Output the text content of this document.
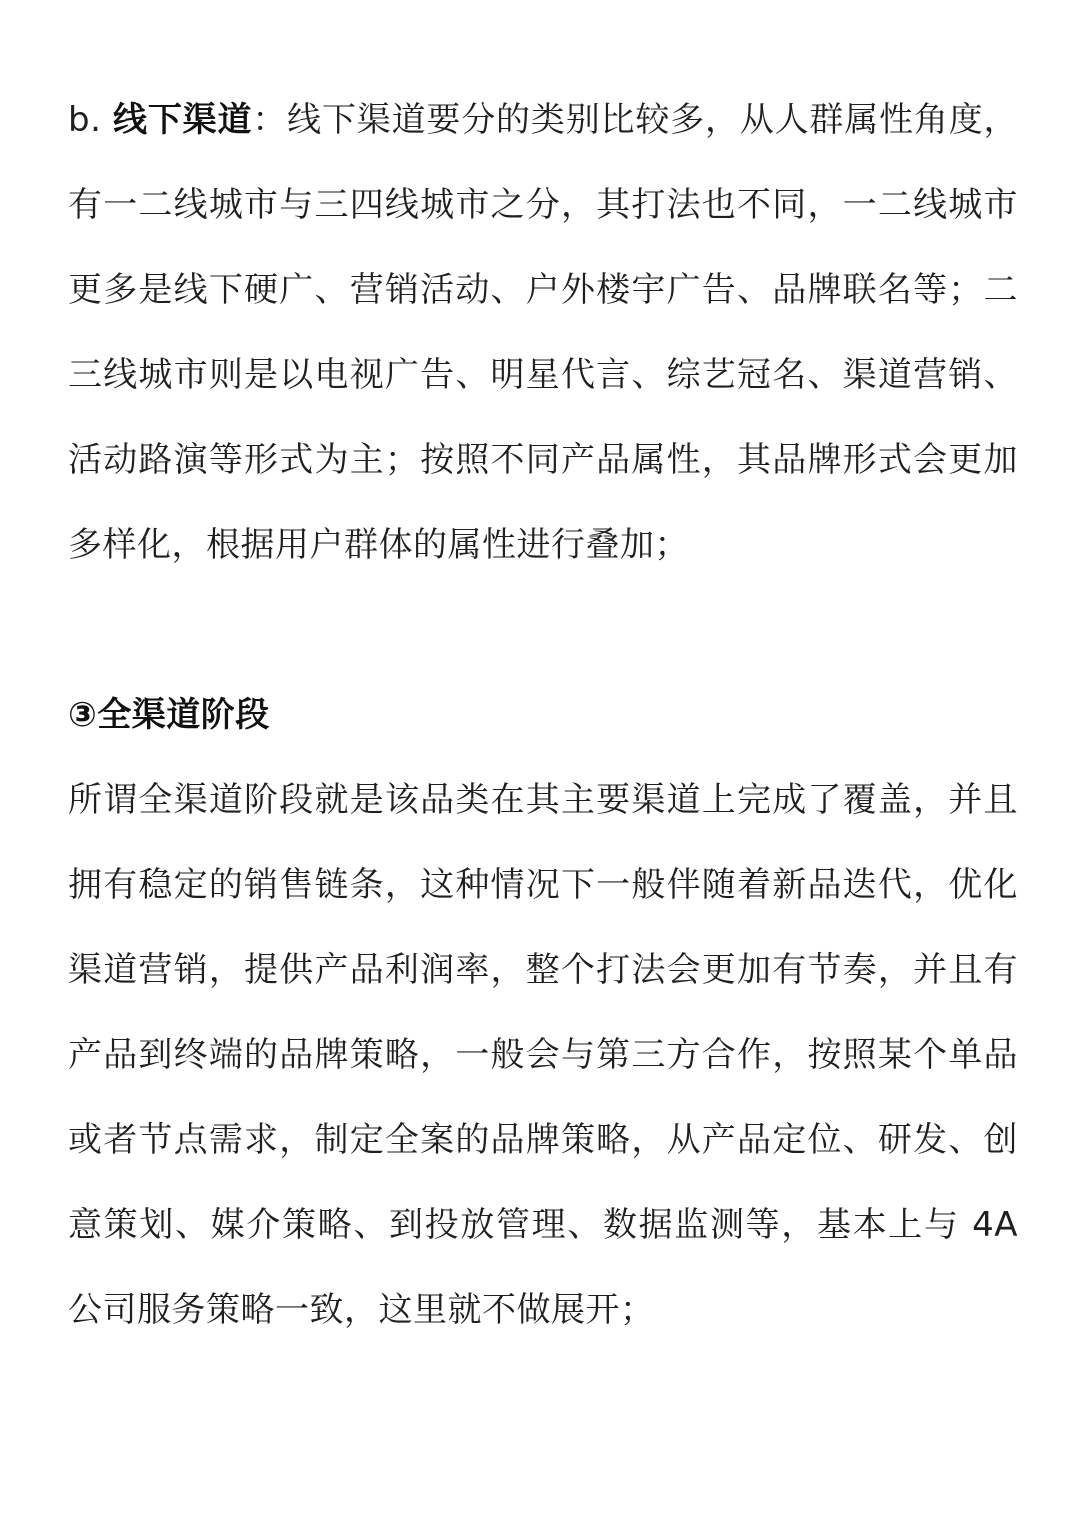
b. 线下渠道：线下渠道要分的类别比较多，从人群属性角度，有一二线城市与三四线城市之分，其打法也不同，一二线城市更多是线下硬广、营销活动、户外楼宇广告、品牌联名等；二三线城市则是以电视广告、明星代言、综艺冠名、渠道营销、活动路演等形式为主；按照不同产品属性，其品牌形式会更加多样化，根据用户群体的属性进行叠加；

③全渠道阶段

所谓全渠道阶段就是该品类在其主要渠道上完成了覆盖，并且拥有稳定的销售链条，这种情况下一般伴随着新品迭代，优化渠道营销，提供产品利润率，整个打法会更加有节奏，并且有产品到终端的品牌策略，一般会与第三方合作，按照某个单品或者节点需求，制定全案的品牌策略，从产品定位、研发、创意策划、媒介策略、到投放管理、数据监测等，基本上与 4A 公司服务策略一致，这里就不做展开；
